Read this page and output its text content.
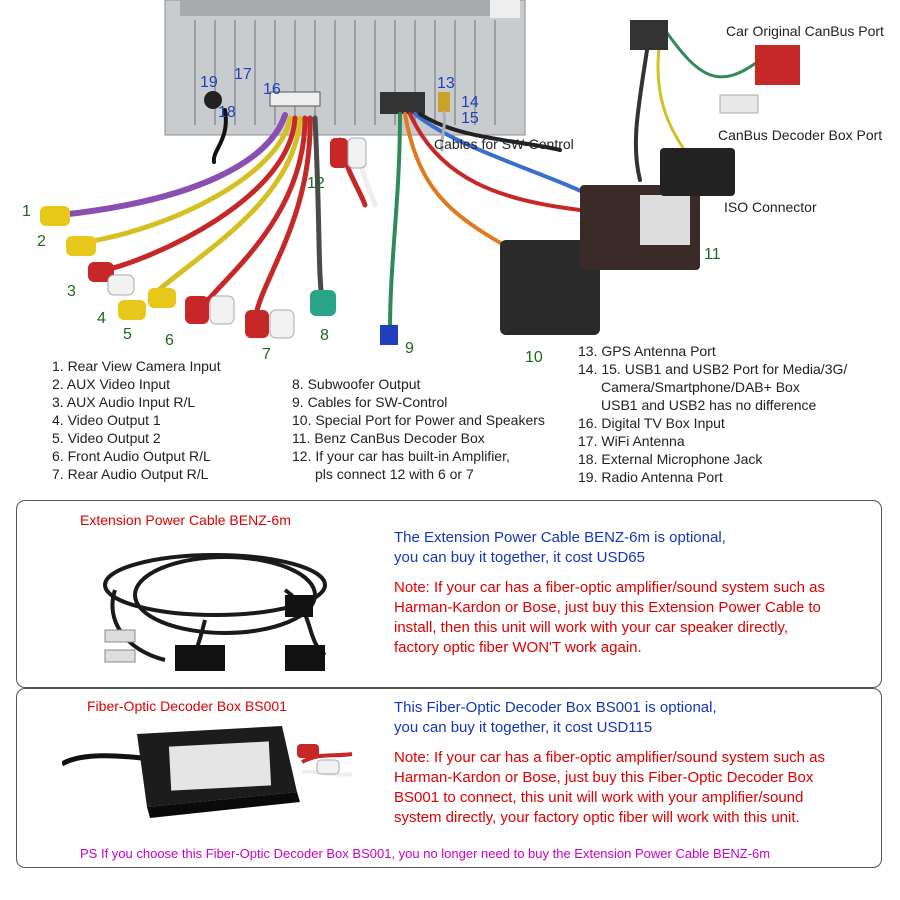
1
2
3
4
5 6
7
8
9
10
11
12
13
14
15
16
17
18
19
Car Original CanBus Port
CanBus Decoder Box Port
ISO Connector
Cables for SW-Control
1. Rear View Camera Input
2. AUX Video Input
3. AUX Audio Input R/L
4. Video Output 1
5. Video Output 2
6. Front Audio Output R/L
7. Rear Audio Output R/L
8. Subwoofer Output
9. Cables for SW-Control
10. Special Port for Power and Speakers
11. Benz CanBus Decoder Box
12. If your car has built-in Amplifier,
pls connect 12 with 6 or 7
13. GPS Antenna Port
14. 15. USB1 and USB2 Port for Media/3G/
Camera/Smartphone/DAB+ Box
USB1 and USB2 has no difference
16. Digital TV Box Input
17. WiFi Antenna
18. External Microphone Jack
19. Radio Antenna Port
Extension Power Cable BENZ-6m
The Extension Power Cable BENZ-6m is optional,
you can buy it together, it cost USD65
Note: If your car has a fiber-optic amplifier/sound system such as
Harman-Kardon or Bose, just buy this Extension Power Cable to
install, then this unit will work with your car speaker directly,
factory optic fiber WON'T work again.
Fiber-Optic Decoder Box BS001	This Fiber-Optic Decoder Box BS001 is optional,
you can buy it together, it cost USD115
Note: If your car has a fiber-optic amplifier/sound system such as
Harman-Kardon or Bose, just buy this Fiber-Optic Decoder Box
BS001 to connect, this unit will work with your amplifier/sound
system directly, your factory optic fiber will work with this unit.
PS If you choose this Fiber-Optic Decoder Box BS001, you no longer need to buy the Extension Power Cable BENZ-6m
